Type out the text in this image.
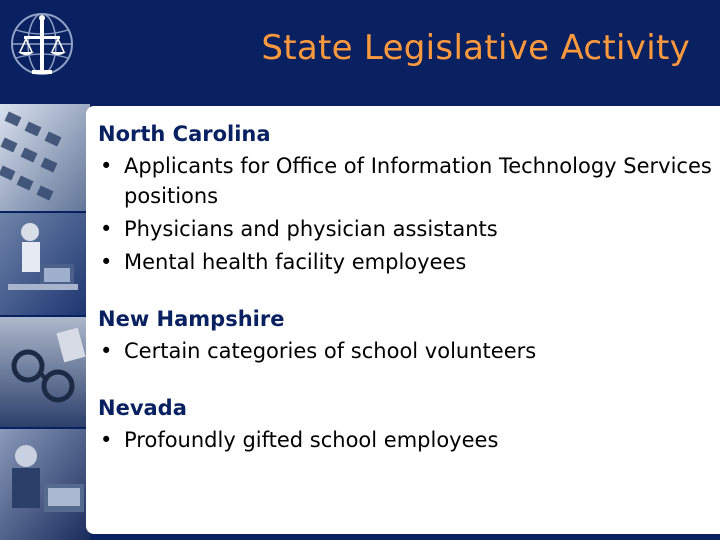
State Legislative Activity
North Carolina
• Applicants for Office of Information Technology Services positions
• Physicians and physician assistants
• Mental health facility employees
New Hampshire
• Certain categories of school volunteers
Nevada
• Profoundly gifted school employees
